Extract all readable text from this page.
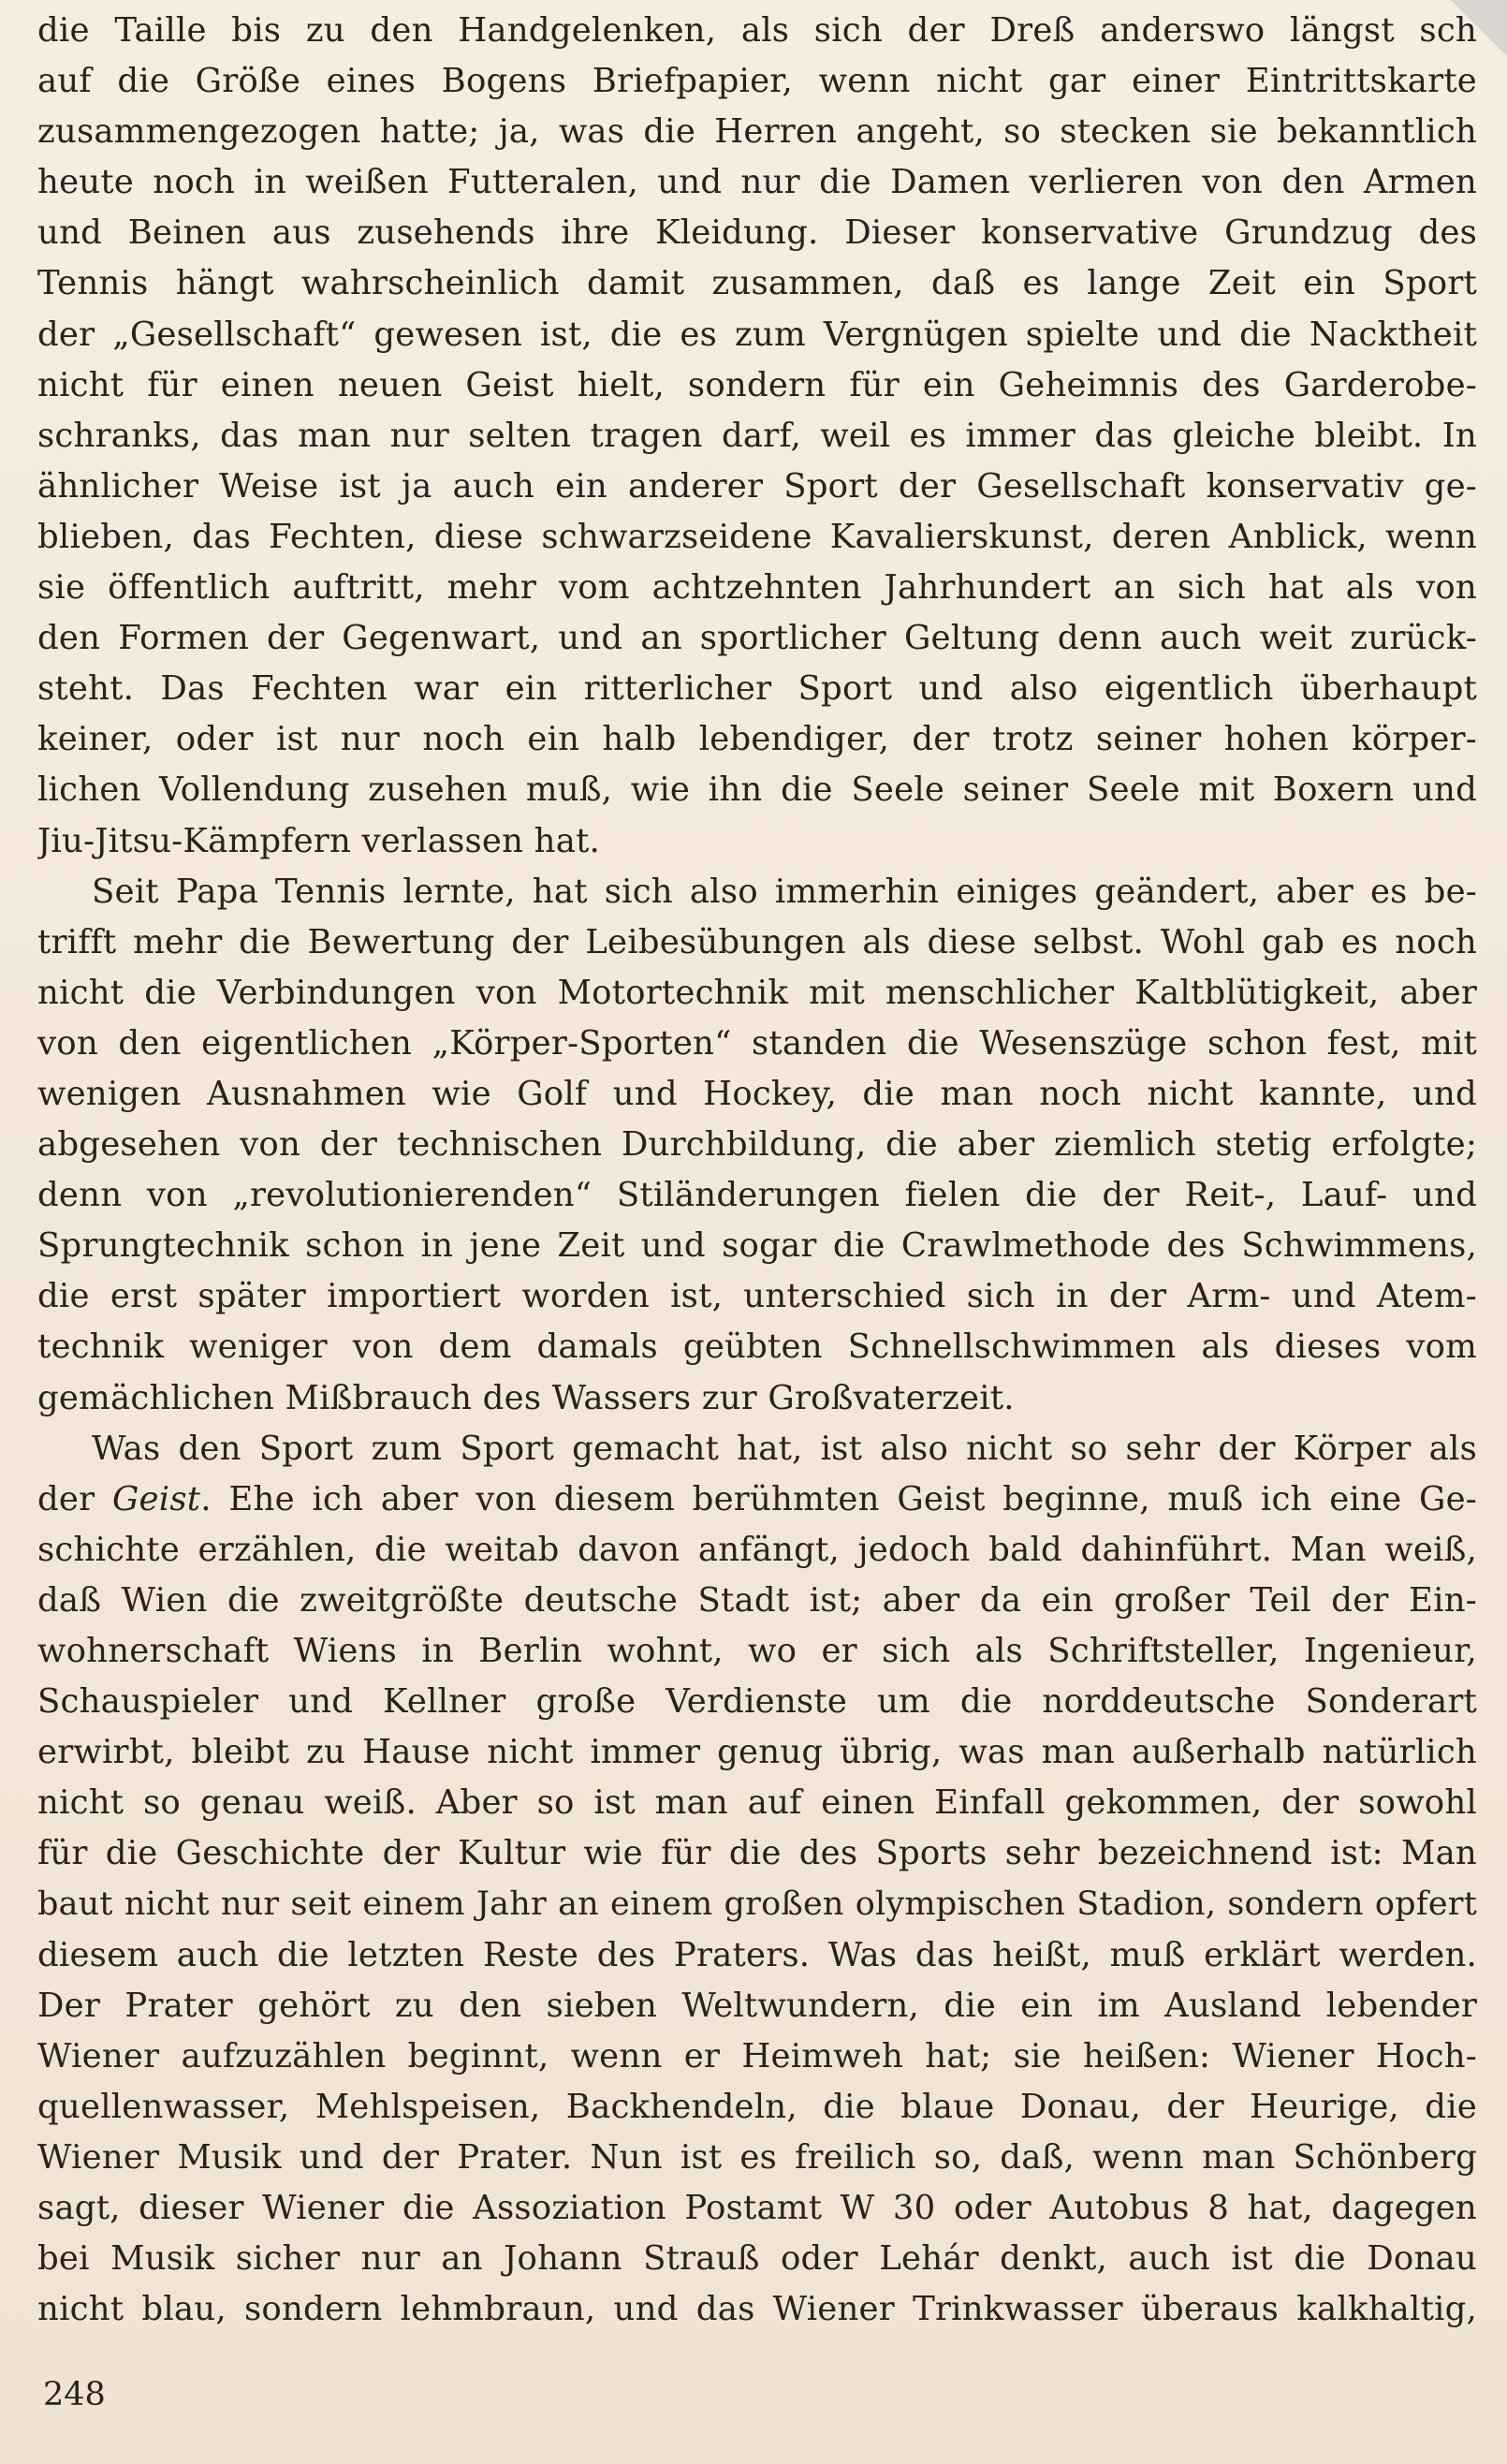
die Taille bis zu den Handgelenken, als sich der Dreß anderswo längst sch
auf die Größe eines Bogens Briefpapier, wenn nicht gar einer Eintrittskarte
zusammengezogen hatte; ja, was die Herren angeht, so stecken sie bekanntlich
heute noch in weißen Futteralen, und nur die Damen verlieren von den Armen
und Beinen aus zusehends ihre Kleidung. Dieser konservative Grundzug des
Tennis hängt wahrscheinlich damit zusammen, daß es lange Zeit ein Sport
der „Gesellschaft“ gewesen ist, die es zum Vergnügen spielte und die Nacktheit
nicht für einen neuen Geist hielt, sondern für ein Geheimnis des Garderobe-
schranks, das man nur selten tragen darf, weil es immer das gleiche bleibt. In
ähnlicher Weise ist ja auch ein anderer Sport der Gesellschaft konservativ ge-
blieben, das Fechten, diese schwarzseidene Kavalierskunst, deren Anblick, wenn
sie öffentlich auftritt, mehr vom achtzehnten Jahrhundert an sich hat als von
den Formen der Gegenwart, und an sportlicher Geltung denn auch weit zurück-
steht. Das Fechten war ein ritterlicher Sport und also eigentlich überhaupt
keiner, oder ist nur noch ein halb lebendiger, der trotz seiner hohen körper-
lichen Vollendung zusehen muß, wie ihn die Seele seiner Seele mit Boxern und
Jiu-Jitsu-Kämpfern verlassen hat.
Seit Papa Tennis lernte, hat sich also immerhin einiges geändert, aber es be-
trifft mehr die Bewertung der Leibesübungen als diese selbst. Wohl gab es noch
nicht die Verbindungen von Motortechnik mit menschlicher Kaltblütigkeit, aber
von den eigentlichen „Körper-Sporten“ standen die Wesenszüge schon fest, mit
wenigen Ausnahmen wie Golf und Hockey, die man noch nicht kannte, und
abgesehen von der technischen Durchbildung, die aber ziemlich stetig erfolgte;
denn von „revolutionierenden“ Stiländerungen fielen die der Reit-, Lauf- und
Sprungtechnik schon in jene Zeit und sogar die Crawlmethode des Schwimmens,
die erst später importiert worden ist, unterschied sich in der Arm- und Atem-
technik weniger von dem damals geübten Schnellschwimmen als dieses vom
gemächlichen Mißbrauch des Wassers zur Großvaterzeit.
Was den Sport zum Sport gemacht hat, ist also nicht so sehr der Körper als
der Geist. Ehe ich aber von diesem berühmten Geist beginne, muß ich eine Ge-
schichte erzählen, die weitab davon anfängt, jedoch bald dahinführt. Man weiß,
daß Wien die zweitgrößte deutsche Stadt ist; aber da ein großer Teil der Ein-
wohnerschaft Wiens in Berlin wohnt, wo er sich als Schriftsteller, Ingenieur,
Schauspieler und Kellner große Verdienste um die norddeutsche Sonderart
erwirbt, bleibt zu Hause nicht immer genug übrig, was man außerhalb natürlich
nicht so genau weiß. Aber so ist man auf einen Einfall gekommen, der sowohl
für die Geschichte der Kultur wie für die des Sports sehr bezeichnend ist: Man
baut nicht nur seit einem Jahr an einem großen olympischen Stadion, sondern opfert
diesem auch die letzten Reste des Praters. Was das heißt, muß erklärt werden.
Der Prater gehört zu den sieben Weltwundern, die ein im Ausland lebender
Wiener aufzuzählen beginnt, wenn er Heimweh hat; sie heißen: Wiener Hoch-
quellenwasser, Mehlspeisen, Backhendeln, die blaue Donau, der Heurige, die
Wiener Musik und der Prater. Nun ist es freilich so, daß, wenn man Schönberg
sagt, dieser Wiener die Assoziation Postamt W 30 oder Autobus 8 hat, dagegen
bei Musik sicher nur an Johann Strauß oder Lehár denkt, auch ist die Donau
nicht blau, sondern lehmbraun, und das Wiener Trinkwasser überaus kalkhaltig,
248
